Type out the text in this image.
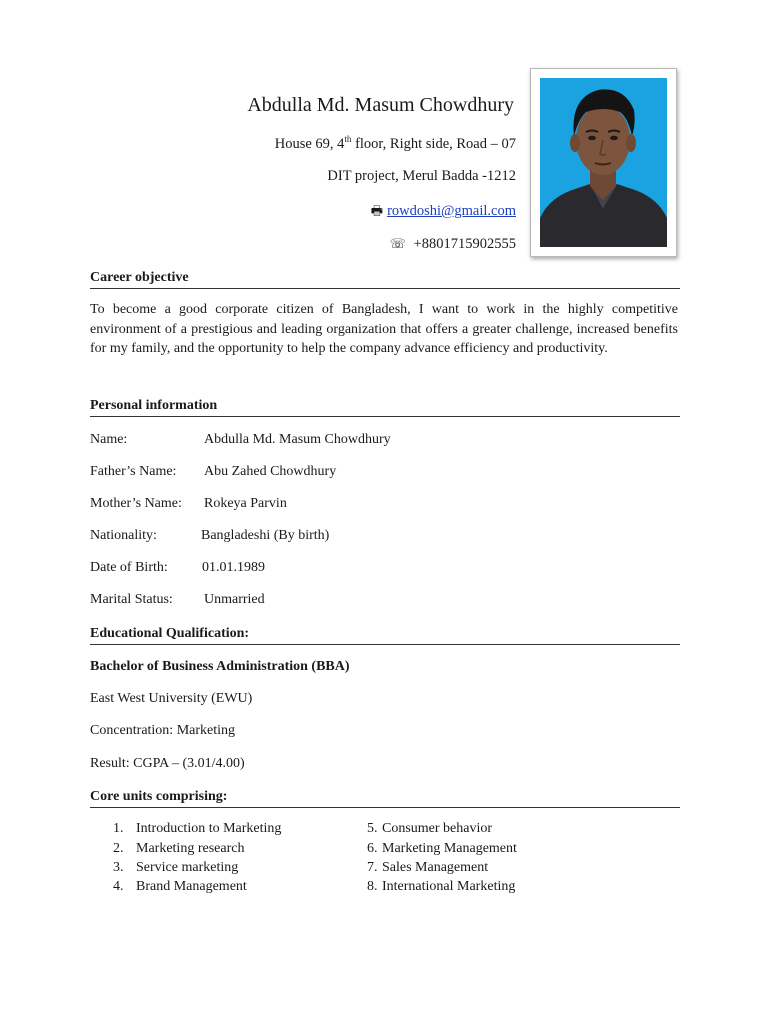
Abdulla Md. Masum Chowdhury
House 69, 4th floor, Right side, Road – 07
DIT project, Merul Badda -1212
🖶 rowdoshi@gmail.com
☏ +8801715902555
Career objective
To become a good corporate citizen of Bangladesh, I want to work in the highly competitive environment of a prestigious and leading organization that offers a greater challenge, increased benefits for my family, and the opportunity to help the company advance efficiency and productivity.
Personal information
Name:	Abdulla Md. Masum Chowdhury
Father’s Name: Abu Zahed Chowdhury
Mother’s Name: Rokeya Parvin
Nationality:	Bangladeshi (By birth)
Date of Birth: 01.01.1989
Marital Status: Unmarried
Educational Qualification:
Bachelor of Business Administration (BBA)
East West University (EWU)
Concentration: Marketing
Result: CGPA – (3.01/4.00)
Core units comprising:
1. Introduction to Marketing
2. Marketing research
3. Service marketing
4. Brand Management
5. Consumer behavior
6. Marketing Management
7. Sales Management
8. International Marketing
